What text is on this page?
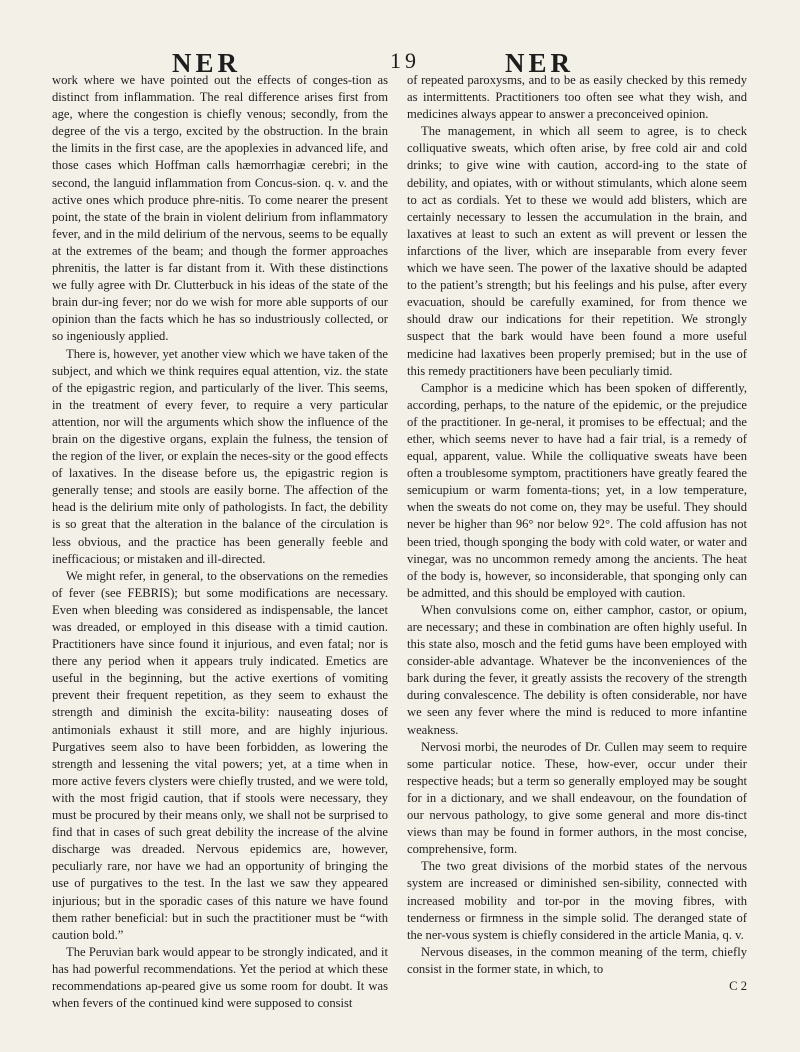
NER	19	NER

work where we have pointed out the effects of conges-tion as distinct from inflammation. The real difference arises first from age, where the congestion is chiefly venous; secondly, from the degree of the vis a tergo, excited by the obstruction. In the brain the limits in the first case, are the apoplexies in advanced life, and those cases which Hoffman calls hæmorrhagiæ cerebri; in the second, the languid inflammation from Concus-sion. q. v. and the active ones which produce phre-nitis. To come nearer the present point, the state of the brain in violent delirium from inflammatory fever, and in the mild delirium of the nervous, seems to be equally at the extremes of the beam; and though the former approaches phrenitis, the latter is far distant from it. With these distinctions we fully agree with Dr. Clutterbuck in his ideas of the state of the brain dur-ing fever; nor do we wish for more able supports of our opinion than the facts which he has so industriously collected, or so ingeniously applied.

There is, however, yet another view which we have taken of the subject, and which we think requires equal attention, viz. the state of the epigastric region, and particularly of the liver. This seems, in the treatment of every fever, to require a very particular attention, nor will the arguments which show the influence of the brain on the digestive organs, explain the fulness, the tension of the region of the liver, or explain the neces-sity or the good effects of laxatives. In the disease before us, the epigastric region is generally tense; and stools are easily borne. The affection of the head is the delirium mite only of pathologists. In fact, the debility is so great that the alteration in the balance of the circulation is less obvious, and the practice has been generally feeble and inefficacious; or mistaken and ill-directed.

We might refer, in general, to the observations on the remedies of fever (see FEBRIS); but some modifications are necessary. Even when bleeding was considered as indispensable, the lancet was dreaded, or employed in this disease with a timid caution. Practitioners have since found it injurious, and even fatal; nor is there any period when it appears truly indicated. Emetics are useful in the beginning, but the active exertions of vomiting prevent their frequent repetition, as they seem to exhaust the strength and diminish the excita-bility: nauseating doses of antimonials exhaust it still more, and are highly injurious. Purgatives seem also to have been forbidden, as lowering the strength and lessening the vital powers; yet, at a time when in more active fevers clysters were chiefly trusted, and we were told, with the most frigid caution, that if stools were necessary, they must be procured by their means only, we shall not be surprised to find that in cases of such great debility the increase of the alvine discharge was dreaded. Nervous epidemics are, however, peculiarly rare, nor have we had an opportunity of bringing the use of purgatives to the test. In the last we saw they appeared injurious; but in the sporadic cases of this nature we have found them rather beneficial: but in such the practitioner must be “with caution bold.”

The Peruvian bark would appear to be strongly indicated, and it has had powerful recommendations. Yet the period at which these recommendations ap-peared give us some room for doubt. It was when fevers of the continued kind were supposed to consist

of repeated paroxysms, and to be as easily checked by this remedy as intermittents. Practitioners too often see what they wish, and medicines always appear to answer a preconceived opinion.

The management, in which all seem to agree, is to check colliquative sweats, which often arise, by free cold air and cold drinks; to give wine with caution, accord-ing to the state of debility, and opiates, with or without stimulants, which alone seem to act as cordials. Yet to these we would add blisters, which are certainly necessary to lessen the accumulation in the brain, and laxatives at least to such an extent as will prevent or lessen the infarctions of the liver, which are inseparable from every fever which we have seen. The power of the laxative should be adapted to the patient’s strength; but his feelings and his pulse, after every evacuation, should be carefully examined, for from thence we should draw our indications for their repetition. We strongly suspect that the bark would have been found a more useful medicine had laxatives been properly premised; but in the use of this remedy practitioners have been peculiarly timid.

Camphor is a medicine which has been spoken of differently, according, perhaps, to the nature of the epidemic, or the prejudice of the practitioner. In ge-neral, it promises to be effectual; and the ether, which seems never to have had a fair trial, is a remedy of equal, apparent, value. While the colliquative sweats have been often a troublesome symptom, practitioners have greatly feared the semicupium or warm fomenta-tions; yet, in a low temperature, when the sweats do not come on, they may be useful. They should never be higher than 96° nor below 92°. The cold affusion has not been tried, though sponging the body with cold water, or water and vinegar, was no uncommon remedy among the ancients. The heat of the body is, however, so inconsiderable, that sponging only can be admitted, and this should be employed with caution.

When convulsions come on, either camphor, castor, or opium, are necessary; and these in combination are often highly useful. In this state also, mosch and the fetid gums have been employed with consider-able advantage. Whatever be the inconveniences of the bark during the fever, it greatly assists the recovery of the strength during convalescence. The debility is often considerable, nor have we seen any fever where the mind is reduced to more infantine weakness.

Nervosi morbi, the neurodes of Dr. Cullen may seem to require some particular notice. These, how-ever, occur under their respective heads; but a term so generally employed may be sought for in a dictionary, and we shall endeavour, on the foundation of our nervous pathology, to give some general and more dis-tinct views than may be found in former authors, in the most concise, comprehensive, form.

The two great divisions of the morbid states of the nervous system are increased or diminished sen-sibility, connected with increased mobility and tor-por in the moving fibres, with tenderness or firmness in the simple solid. The deranged state of the ner-vous system is chiefly considered in the article Mania, q. v.

Nervous diseases, in the common meaning of the term, chiefly consist in the former state, in which, to

C 2
